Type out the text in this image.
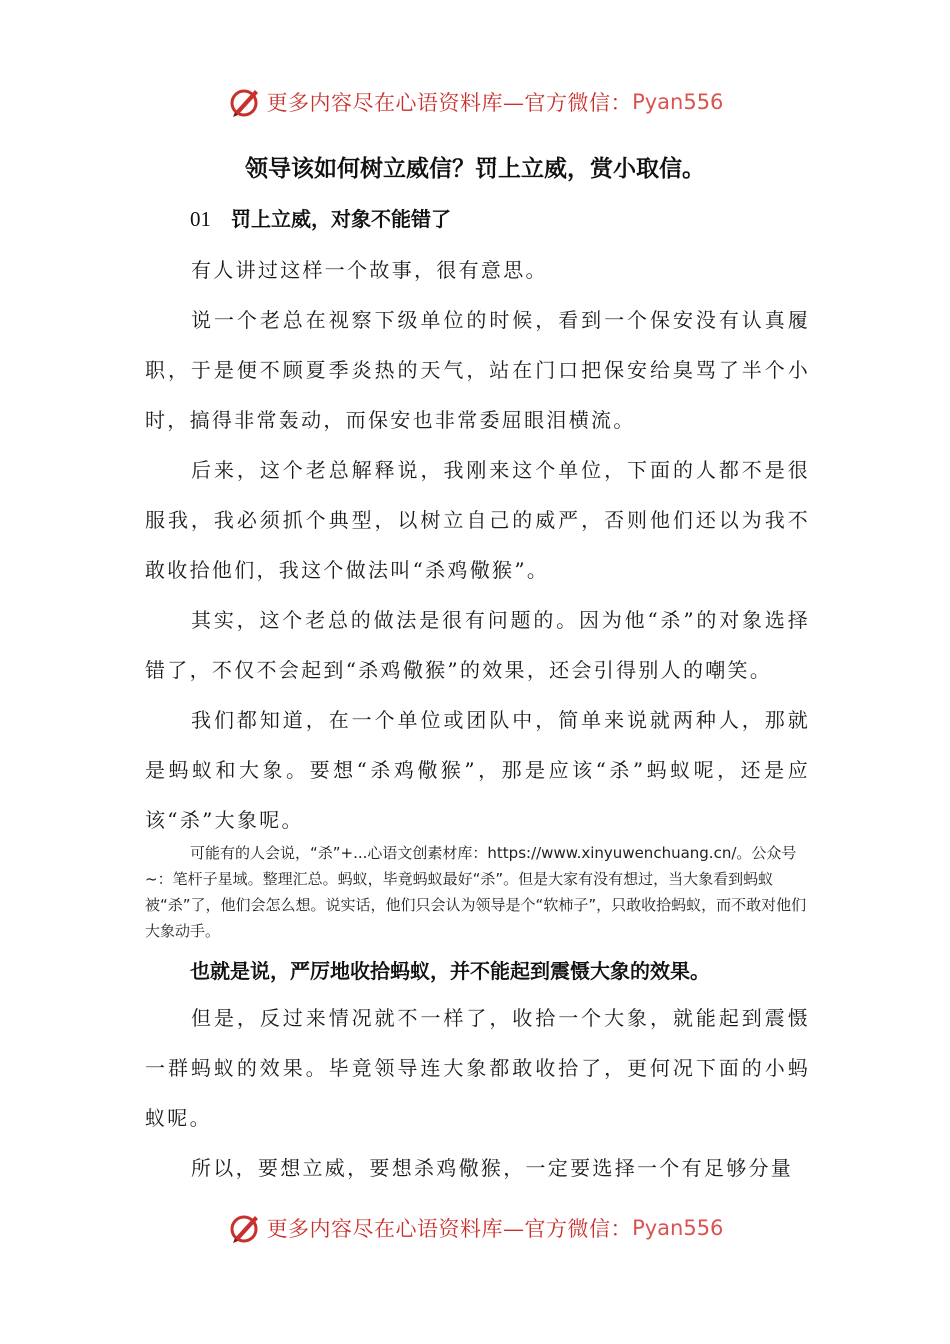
更多内容尽在心语资料库—官方微信： Pyan556
领导该如何树立威信？罚上立威，赏小取信。
01 罚上立威，对象不能错了

有人讲过这样一个故事，很有意思。

说一个老总在视察下级单位的时候，看到一个保安没有认真履职，于是便不顾夏季炎热的天气，站在门口把保安给臭骂了半个小时，搞得非常轰动，而保安也非常委屈眼泪横流。

后来，这个老总解释说，我刚来这个单位，下面的人都不是很服我，我必须抓个典型，以树立自己的威严，否则他们还以为我不敢收拾他们，我这个做法叫“杀鸡儆猴”。

其实，这个老总的做法是很有问题的。因为他“杀”的对象选择错了，不仅不会起到“杀鸡儆猴”的效果，还会引得别人的嘲笑。

我们都知道，在一个单位或团队中，简单来说就两种人，那就是蚂蚁和大象。要想“杀鸡儆猴”，那是应该“杀”蚂蚁呢，还是应该“杀”大象呢。

可能有的人会说，“杀”+...心语文创素材库：https://www.xinyuwenchuang.cn/。公众号~：笔杆子星域。整理汇总。蚂蚁，毕竟蚂蚁最好“杀”。但是大家有没有想过，当大象看到蚂蚁被“杀”了，他们会怎么想。说实话，他们只会认为领导是个“软柿子”，只敢收拾蚂蚁，而不敢对他们大象动手。

也就是说，严厉地收拾蚂蚁，并不能起到震慑大象的效果。

但是，反过来情况就不一样了，收拾一个大象，就能起到震慑一群蚂蚁的效果。毕竟领导连大象都敢收拾了，更何况下面的小蚂蚁呢。

所以，要想立威，要想杀鸡儆猴，一定要选择一个有足够分量

更多内容尽在心语资料库—官方微信： Pyan556
